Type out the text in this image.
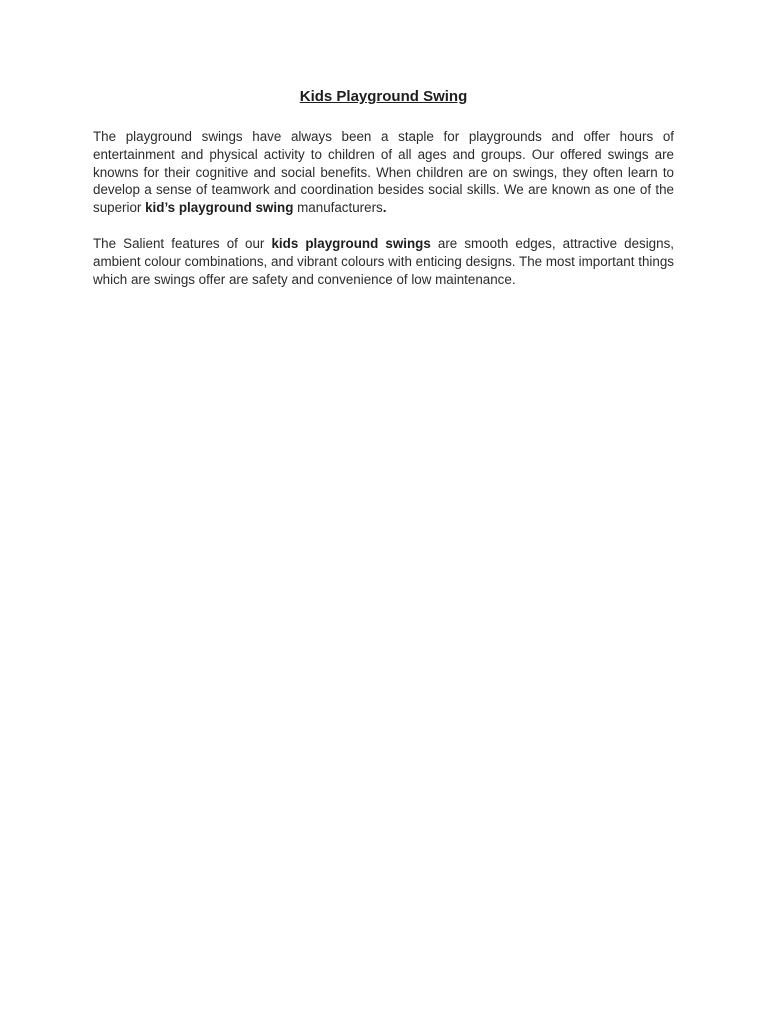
Kids Playground Swing

The playground swings have always been a staple for playgrounds and offer hours of entertainment and physical activity to children of all ages and groups. Our offered swings are knowns for their cognitive and social benefits. When children are on swings, they often learn to develop a sense of teamwork and coordination besides social skills. We are known as one of the superior kid’s playground swing manufacturers.

The Salient features of our kids playground swings are smooth edges, attractive designs, ambient colour combinations, and vibrant colours with enticing designs. The most important things which are swings offer are safety and convenience of low maintenance.
